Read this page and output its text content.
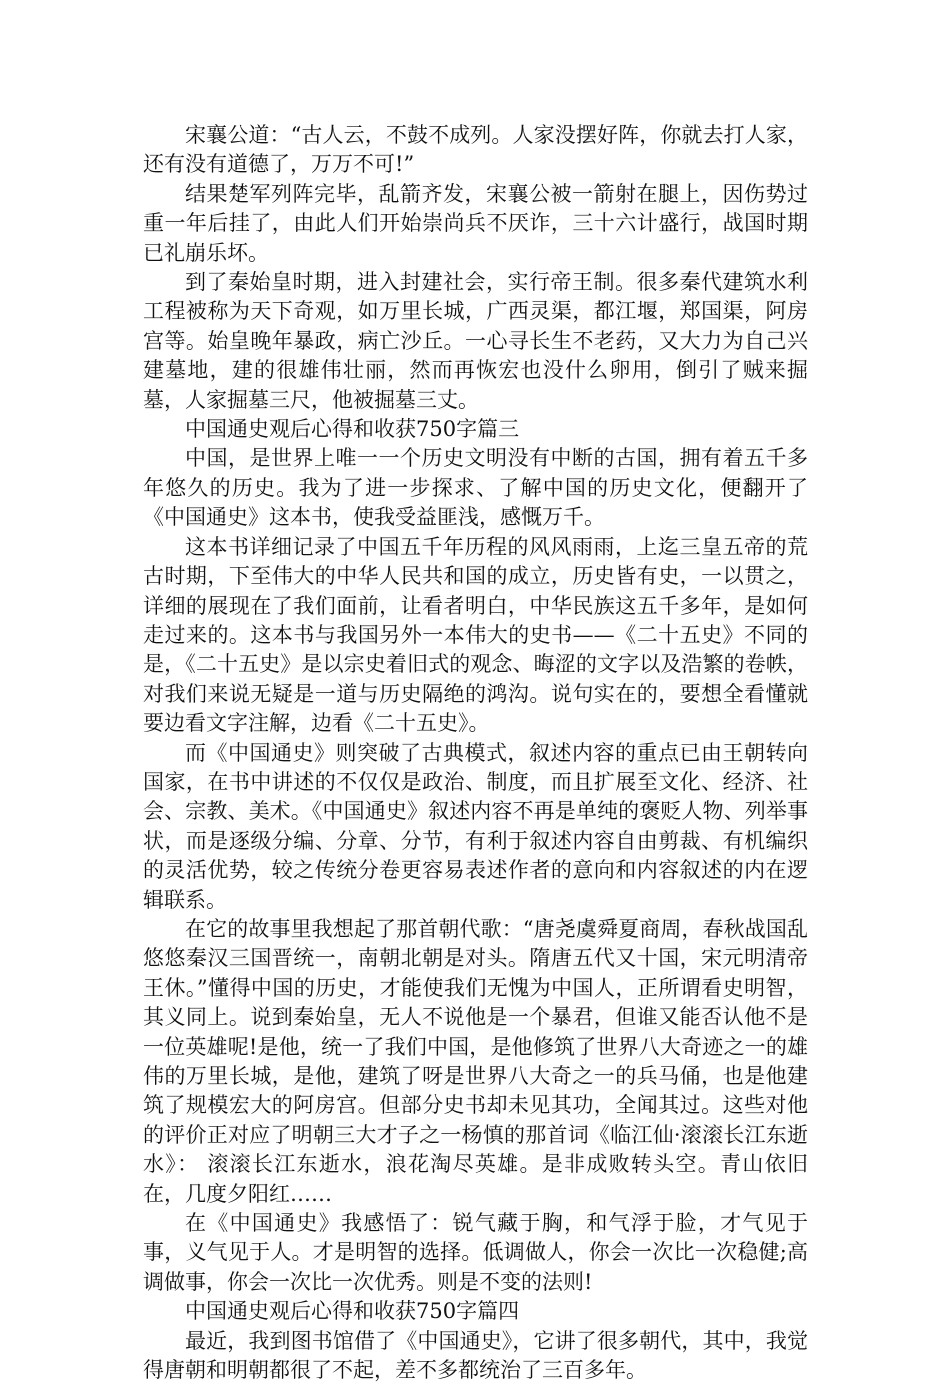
宋襄公道：“古人云，不鼓不成列。人家没摆好阵，你就去打人家，还有没有道德了，万万不可!”

结果楚军列阵完毕，乱箭齐发，宋襄公被一箭射在腿上，因伤势过重一年后挂了，由此人们开始崇尚兵不厌诈，三十六计盛行，战国时期已礼崩乐坏。

到了秦始皇时期，进入封建社会，实行帝王制。很多秦代建筑水利工程被称为天下奇观，如万里长城，广西灵渠，都江堰，郑国渠，阿房宫等。始皇晚年暴政，病亡沙丘。一心寻长生不老药，又大力为自己兴建墓地，建的很雄伟壮丽，然而再恢宏也没什么卵用，倒引了贼来掘墓，人家掘墓三尺，他被掘墓三丈。

中国通史观后心得和收获750字篇三

中国，是世界上唯一一个历史文明没有中断的古国，拥有着五千多年悠久的历史。我为了进一步探求、了解中国的历史文化，便翻开了《中国通史》这本书，使我受益匪浅，感慨万千。

这本书详细记录了中国五千年历程的风风雨雨，上迄三皇五帝的荒古时期，下至伟大的中华人民共和国的成立，历史皆有史，一以贯之，详细的展现在了我们面前，让看者明白，中华民族这五千多年，是如何走过来的。这本书与我国另外一本伟大的史书——《二十五史》不同的是，《二十五史》是以宗史着旧式的观念、晦涩的文字以及浩繁的卷帙，对我们来说无疑是一道与历史隔绝的鸿沟。说句实在的，要想全看懂就要边看文字注解，边看《二十五史》。

而《中国通史》则突破了古典模式，叙述内容的重点已由王朝转向国家，在书中讲述的不仅仅是政治、制度，而且扩展至文化、经济、社会、宗教、美术。《中国通史》叙述内容不再是单纯的褒贬人物、列举事状，而是逐级分编、分章、分节，有利于叙述内容自由剪裁、有机编织的灵活优势，较之传统分卷更容易表述作者的意向和内容叙述的内在逻辑联系。

在它的故事里我想起了那首朝代歌：“唐尧虞舜夏商周，春秋战国乱悠悠秦汉三国晋统一，南朝北朝是对头。隋唐五代又十国，宋元明清帝王休。”懂得中国的历史，才能使我们无愧为中国人，正所谓看史明智，其义同上。说到秦始皇，无人不说他是一个暴君，但谁又能否认他不是一位英雄呢!是他，统一了我们中国，是他修筑了世界八大奇迹之一的雄伟的万里长城，是他，建筑了呀是世界八大奇之一的兵马俑，也是他建筑了规模宏大的阿房宫。但部分史书却未见其功，全闻其过。这些对他的评价正对应了明朝三大才子之一杨慎的那首词《临江仙·滚滚长江东逝水》： 滚滚长江东逝水，浪花淘尽英雄。是非成败转头空。青山依旧在，几度夕阳红……

在《中国通史》我感悟了：锐气藏于胸，和气浮于脸，才气见于事，义气见于人。才是明智的选择。低调做人，你会一次比一次稳健;高调做事，你会一次比一次优秀。则是不变的法则!

中国通史观后心得和收获750字篇四

最近，我到图书馆借了《中国通史》，它讲了很多朝代，其中，我觉得唐朝和明朝都很了不起，差不多都统治了三百多年。
